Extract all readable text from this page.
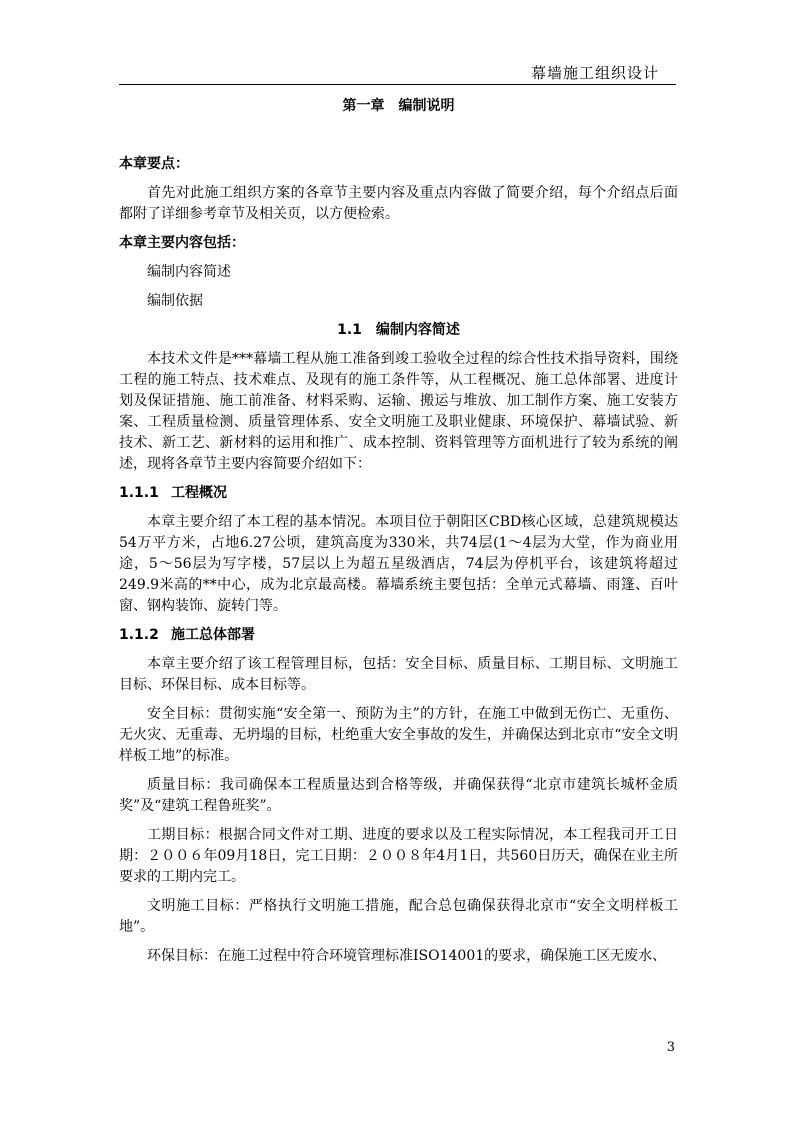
幕墙施工组织设计
第一章　编制说明
本章要点：
首先对此施工组织方案的各章节主要内容及重点内容做了简要介绍，每个介绍点后面都附了详细参考章节及相关页，以方便检索。
本章主要内容包括：
编制内容简述
编制依据
1.1　编制内容简述
本技术文件是***幕墙工程从施工准备到竣工验收全过程的综合性技术指导资料，围绕工程的施工特点、技术难点、及现有的施工条件等，从工程概况、施工总体部署、进度计划及保证措施、施工前准备、材料采购、运输、搬运与堆放、加工制作方案、施工安装方案、工程质量检测、质量管理体系、安全文明施工及职业健康、环境保护、幕墙试验、新技术、新工艺、新材料的运用和推广、成本控制、资料管理等方面机进行了较为系统的阐述，现将各章节主要内容简要介绍如下：
1.1.1 工程概况
本章主要介绍了本工程的基本情况。本项目位于朝阳区CBD核心区域，总建筑规模达54万平方米，占地6.27公顷，建筑高度为330米，共74层(1～4层为大堂，作为商业用途，5～56层为写字楼，57层以上为超五星级酒店，74层为停机平台，该建筑将超过249.9米高的**中心，成为北京最高楼。幕墙系统主要包括：全单元式幕墙、雨篷、百叶窗、钢构装饰、旋转门等。
1.1.2 施工总体部署
本章主要介绍了该工程管理目标，包括：安全目标、质量目标、工期目标、文明施工目标、环保目标、成本目标等。
安全目标：贯彻实施“安全第一、预防为主”的方针，在施工中做到无伤亡、无重伤、无火灾、无重毒、无坍塌的目标，杜绝重大安全事故的发生，并确保达到北京市“安全文明样板工地”的标准。
质量目标：我司确保本工程质量达到合格等级，并确保获得“北京市建筑长城杯金质奖”及“建筑工程鲁班奖”。
工期目标：根据合同文件对工期、进度的要求以及工程实际情况，本工程我司开工日期：２００６年09月18日，完工日期：２００８年4月1日，共560日历天，确保在业主所要求的工期内完工。
文明施工目标：严格执行文明施工措施，配合总包确保获得北京市“安全文明样板工地”。
环保目标：在施工过程中符合环境管理标准ISO14001的要求，确保施工区无废水、
3
